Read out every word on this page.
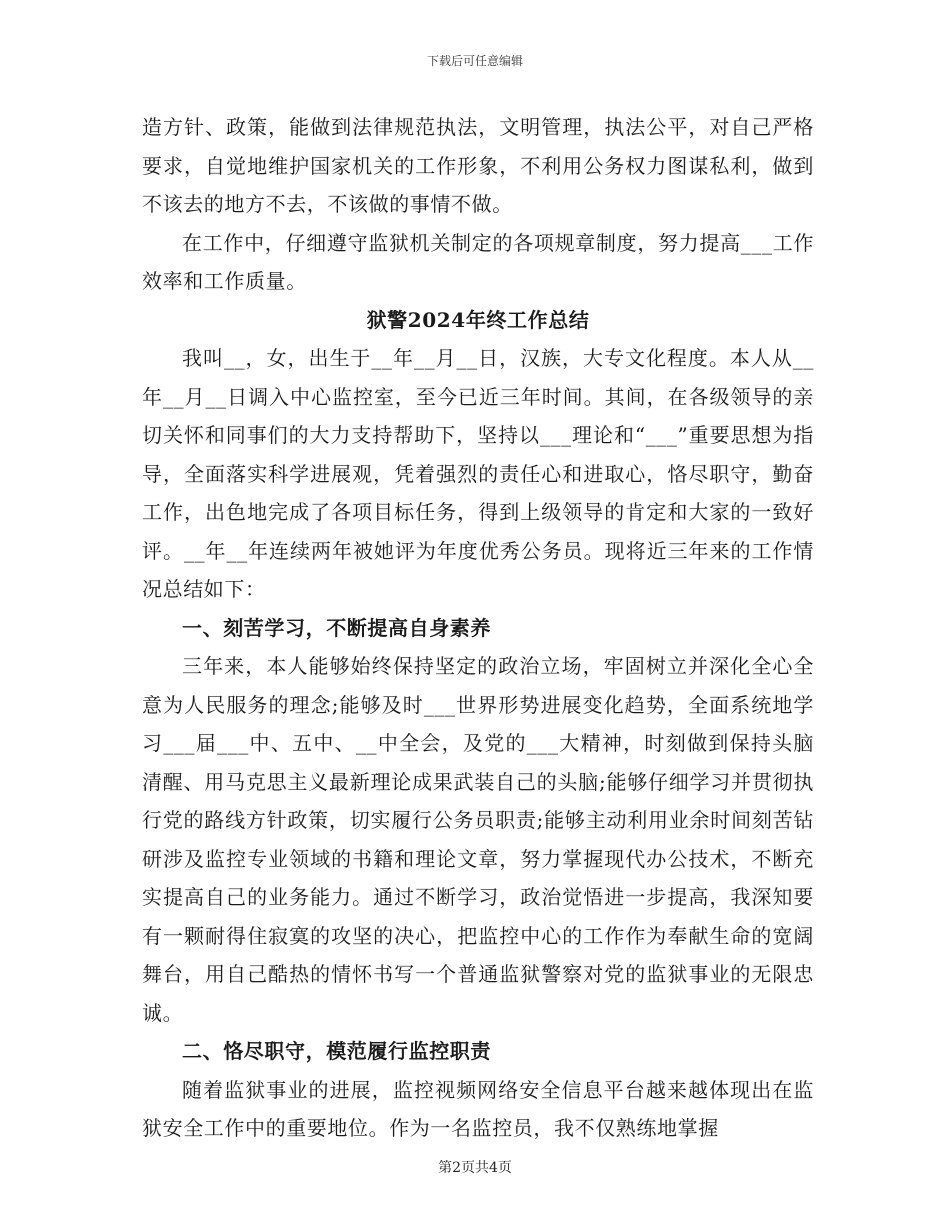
下载后可任意编辑

造方针、政策，能做到法律规范执法，文明管理，执法公平，对自己严格要求，自觉地维护国家机关的工作形象，不利用公务权力图谋私利，做到不该去的地方不去，不该做的事情不做。

在工作中，仔细遵守监狱机关制定的各项规章制度，努力提高___工作效率和工作质量。

狱警2024年终工作总结

我叫__，女，出生于__年__月__日，汉族，大专文化程度。本人从__年__月__日调入中心监控室，至今已近三年时间。其间，在各级领导的亲切关怀和同事们的大力支持帮助下，坚持以___理论和“___”重要思想为指导，全面落实科学进展观，凭着强烈的责任心和进取心，恪尽职守，勤奋工作，出色地完成了各项目标任务，得到上级领导的肯定和大家的一致好评。__年__年连续两年被她评为年度优秀公务员。现将近三年来的工作情况总结如下：

一、刻苦学习，不断提高自身素养

三年来，本人能够始终保持坚定的政治立场，牢固树立并深化全心全意为人民服务的理念;能够及时___世界形势进展变化趋势，全面系统地学习___届___中、五中、__中全会，及党的___大精神，时刻做到保持头脑清醒、用马克思主义最新理论成果武装自己的头脑;能够仔细学习并贯彻执行党的路线方针政策，切实履行公务员职责;能够主动利用业余时间刻苦钻研涉及监控专业领域的书籍和理论文章，努力掌握现代办公技术，不断充实提高自己的业务能力。通过不断学习，政治觉悟进一步提高，我深知要有一颗耐得住寂寞的攻坚的决心，把监控中心的工作作为奉献生命的宽阔舞台，用自己酷热的情怀书写一个普通监狱警察对党的监狱事业的无限忠诚。

二、恪尽职守，模范履行监控职责

随着监狱事业的进展，监控视频网络安全信息平台越来越体现出在监狱安全工作中的重要地位。作为一名监控员，我不仅熟练地掌握

第2页共4页
